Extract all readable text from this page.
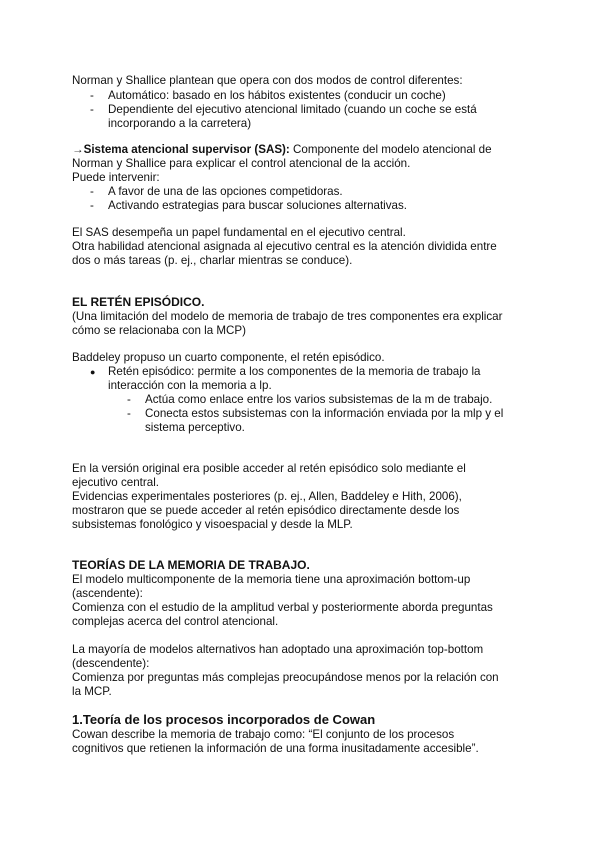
Norman y Shallice plantean que opera con dos modos de control diferentes:
- Automático: basado en los hábitos existentes (conducir un coche)
- Dependiente del ejecutivo atencional limitado (cuando un coche se está
incorporando a la carretera)
→Sistema atencional supervisor (SAS): Componente del modelo atencional de
Norman y Shallice para explicar el control atencional de la acción.
Puede intervenir:
- A favor de una de las opciones competidoras.
- Activando estrategias para buscar soluciones alternativas.
El SAS desempeña un papel fundamental en el ejecutivo central.
Otra habilidad atencional asignada al ejecutivo central es la atención dividida entre
dos o más tareas (p. ej., charlar mientras se conduce).
EL RETÉN EPISÓDICO.
(Una limitación del modelo de memoria de trabajo de tres componentes era explicar
cómo se relacionaba con la MCP)
Baddeley propuso un cuarto componente, el retén episódico.
● Retén episódico: permite a los componentes de la memoria de trabajo la
interacción con la memoria a lp.
- Actúa como enlace entre los varios subsistemas de la m de trabajo.
- Conecta estos subsistemas con la información enviada por la mlp y el
sistema perceptivo.
En la versión original era posible acceder al retén episódico solo mediante el
ejecutivo central.
Evidencias experimentales posteriores (p. ej., Allen, Baddeley e Hith, 2006),
mostraron que se puede acceder al retén episódico directamente desde los
subsistemas fonológico y visoespacial y desde la MLP.
TEORÍAS DE LA MEMORIA DE TRABAJO.
El modelo multicomponente de la memoria tiene una aproximación bottom-up
(ascendente):
Comienza con el estudio de la amplitud verbal y posteriormente aborda preguntas
complejas acerca del control atencional.
La mayoría de modelos alternativos han adoptado una aproximación top-bottom
(descendente):
Comienza por preguntas más complejas preocupándose menos por la relación con
la MCP.
1.Teoría de los procesos incorporados de Cowan
Cowan describe la memoria de trabajo como: “El conjunto de los procesos
cognitivos que retienen la información de una forma inusitadamente accesible”.
